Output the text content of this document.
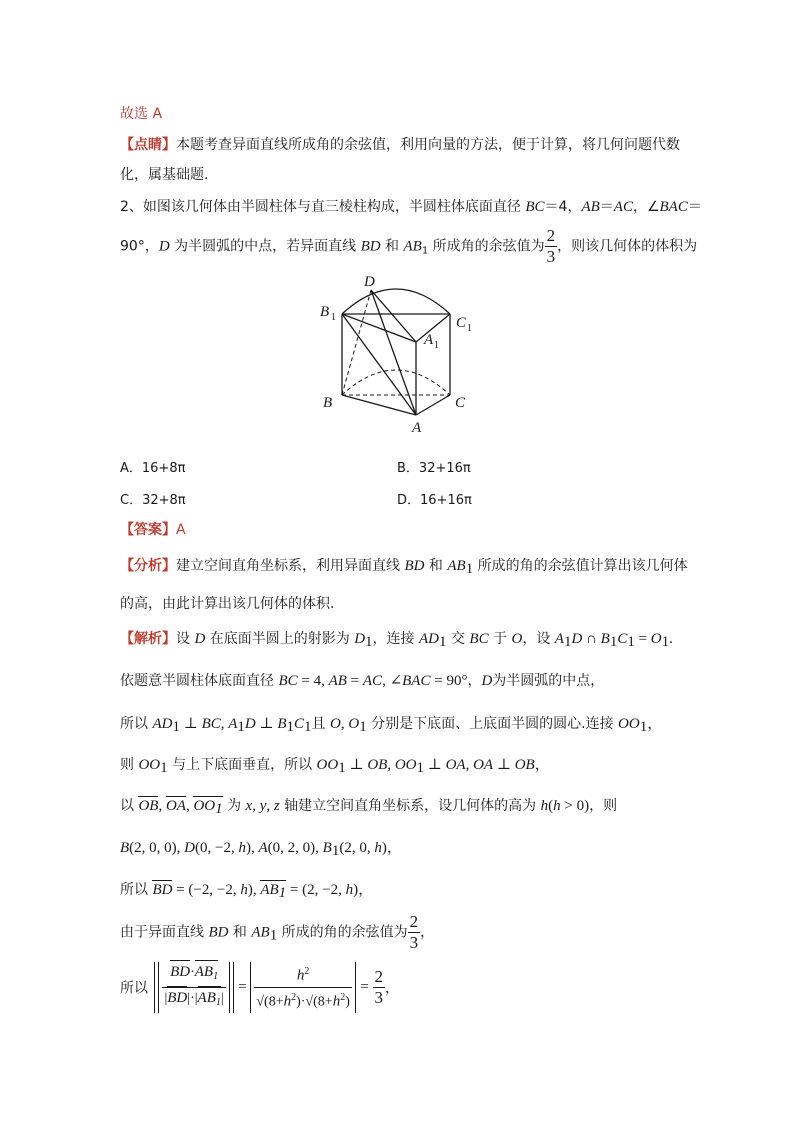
故选 A
【点睛】本题考查异面直线所成角的余弦值，利用向量的方法，便于计算，将几何问题代数
化，属基础题.
2、如图该几何体由半圆柱体与直三棱柱构成，半圆柱体底面直径 BC＝4，AB＝AC，∠BAC＝
90°，D 为半圆弧的中点，若异面直线 BD 和 $AB_1$ 所成角的余弦值为 $\frac{2}{3}$ ，则该几何体的体积为
D
B 1	C 1
A 1
B	C
A
A．16+8π	B．32+16π
C．32+8π	D．16+16π
【答案】A
【分析】建立空间直角坐标系，利用异面直线 BD 和 $AB_1$ 所成的角的余弦值计算出该几何体
的高，由此计算出该几何体的体积.
【解析】设 D 在底面半圆上的射影为 $D_1$，连接 $AD_1$ 交 BC 于 O，设 $A_1D$ ∩ $B_1C_1 = O_1$.
依题意半圆柱体底面直径 BC = 4, AB = AC, ∠BAC = 90°，D为半圆弧的中点，
所以 $AD_1$ ⊥ BC, $A_1D$ ⊥ $B_1C_1$且 O, $O_1$ 分别是下底面、上底面半圆的圆心.连接 $OO_1$，
则 $OO_1$ 与上下底面垂直，所以 $OO_1$ ⊥ OB, $OO_1$ ⊥ OA, OA ⊥ OB，
以 OB, OA, $OO_1$ 为 x, y, z 轴建立空间直角坐标系，设几何体的高为 h(h > 0)，则
B(2, 0, 0), D(0, −2, h), A(0, 2, 0), $B_1(2$, 0, h)，
所以 BD = (−2, −2, h), $AB_1 = (2$, −2, h)，
由于异面直线 BD 和 $AB_1$ 所成的角的余弦值为 $\frac{2}{3}$ ，
所以 $\frac{BD\cdot AB_1}{|BD|\cdot|AB_1|} = \frac{h^2}{√(8+h^2)\cdot√(8+h^2)} = \frac{2}{3}$ ，
